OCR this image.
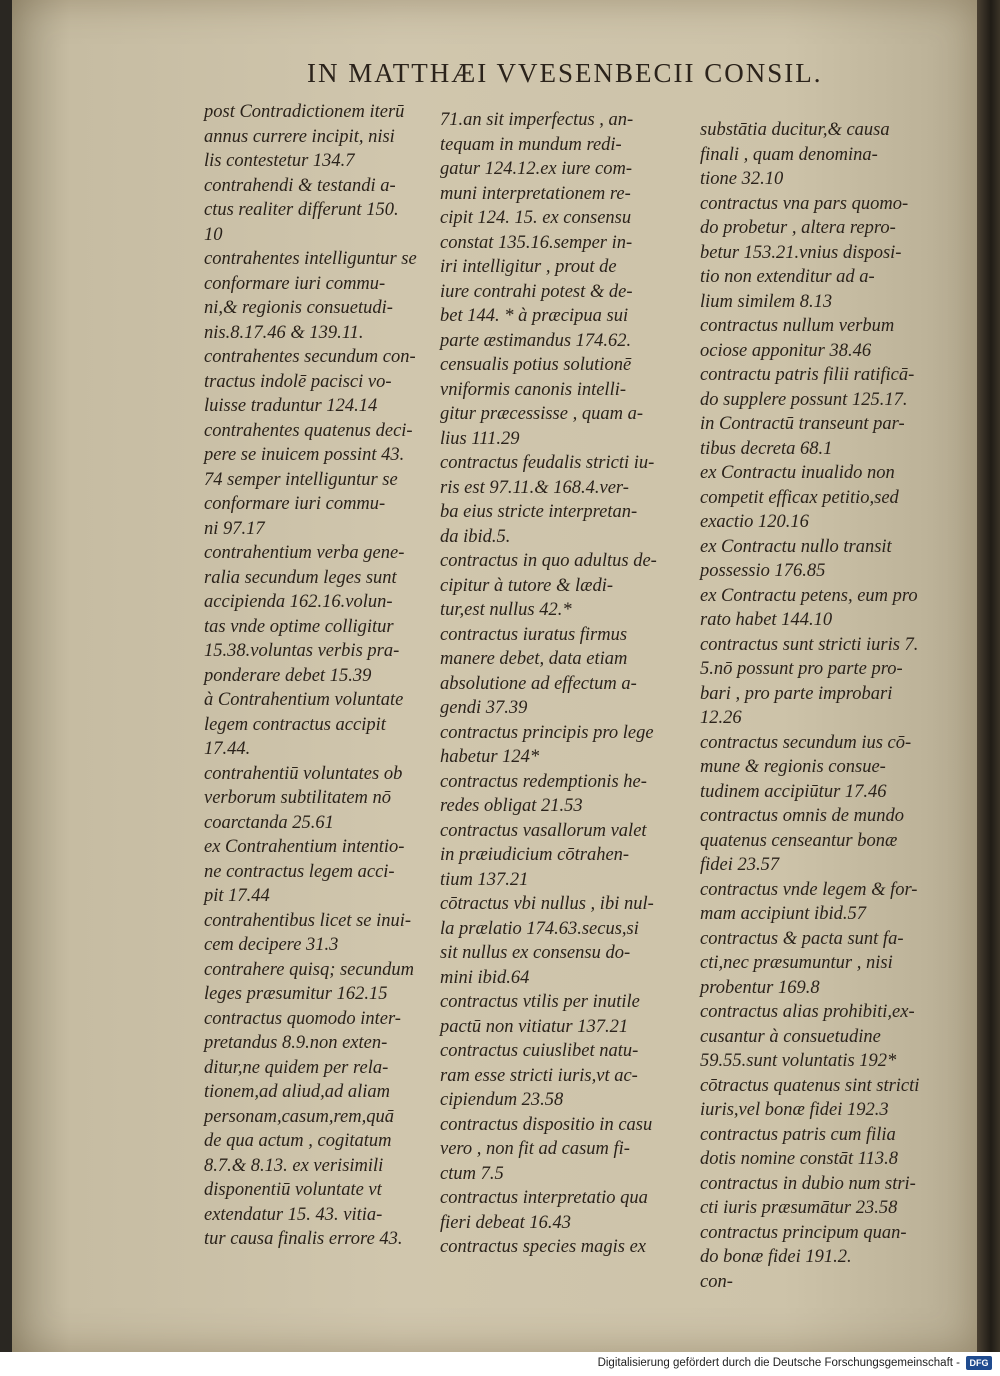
IN MATTHÆI VVESENBECII CONSIL.
post Contradictionem iterū
annus currere incipit, nisi
lis contestetur 134.7
contrahendi & testandi a-
ctus realiter differunt 150.
10
contrahentes intelliguntur se
conformare iuri commu-
ni,& regionis consuetudi-
nis.8.17.46 & 139.11.
contrahentes secundum con-
tractus indolē pacisci vo-
luisse traduntur 124.14
contrahentes quatenus deci-
pere se inuicem possint 43.
74 semper intelliguntur se
conformare iuri commu-
ni 97.17
contrahentium verba gene-
ralia secundum leges sunt
accipienda 162.16.volun-
tas vnde optime colligitur
15.38.voluntas verbis pra-
ponderare debet 15.39
à Contrahentium voluntate
legem contractus accipit
17.44.
contrahentiū voluntates ob
verborum subtilitatem nō
coarctanda 25.61
ex Contrahentium intentio-
ne contractus legem acci-
pit 17.44
contrahentibus licet se inui-
cem decipere 31.3
contrahere quisq; secundum
leges præsumitur 162.15
contractus quomodo inter-
pretandus 8.9.non exten-
ditur,ne quidem per rela-
tionem,ad aliud,ad aliam
personam,casum,rem,quā
de qua actum , cogitatum
8.7.& 8.13. ex verisimili
disponentiū voluntate vt
extendatur 15. 43. vitia-
tur causa finalis errore 43.
71.an sit imperfectus , an-
tequam in mundum redi-
gatur 124.12.ex iure com-
muni interpretationem re-
cipit 124. 15. ex consensu
constat 135.16.semper in-
iri intelligitur , prout de
iure contrahi potest & de-
bet 144. * à præcipua sui
parte æstimandus 174.62.
censualis potius solutionē
vniformis canonis intelli-
gitur præcessisse , quam a-
lius 111.29
contractus feudalis stricti iu-
ris est 97.11.& 168.4.ver-
ba eius stricte interpretan-
da ibid.5.
contractus in quo adultus de-
cipitur à tutore & lædi-
tur,est nullus 42.*
contractus iuratus firmus
manere debet, data etiam
absolutione ad effectum a-
gendi 37.39
contractus principis pro lege
habetur 124*
contractus redemptionis he-
redes obligat 21.53
contractus vasallorum valet
in præiudicium cōtrahen-
tium 137.21
cōtractus vbi nullus , ibi nul-
la prælatio 174.63.secus,si
sit nullus ex consensu do-
mini ibid.64
contractus vtilis per inutile
pactū non vitiatur 137.21
contractus cuiuslibet natu-
ram esse stricti iuris,vt ac-
cipiendum 23.58
contractus dispositio in casu
vero , non fit ad casum fi-
ctum 7.5
contractus interpretatio qua
fieri debeat 16.43
contractus species magis ex
substātia ducitur,& causa
finali , quam denomina-
tione 32.10
contractus vna pars quomo-
do probetur , altera repro-
betur 153.21.vnius disposi-
tio non extenditur ad a-
lium similem 8.13
contractus nullum verbum
ociose apponitur 38.46
contractu patris filii ratificā-
do supplere possunt 125.17.
in Contractū transeunt par-
tibus decreta 68.1
ex Contractu inualido non
competit efficax petitio,sed
exactio 120.16
ex Contractu nullo transit
possessio 176.85
ex Contractu petens, eum pro
rato habet 144.10
contractus sunt stricti iuris 7.
5.nō possunt pro parte pro-
bari , pro parte improbari
12.26
contractus secundum ius cō-
mune & regionis consue-
tudinem accipiūtur 17.46
contractus omnis de mundo
quatenus censeantur bonæ
fidei 23.57
contractus vnde legem & for-
mam accipiunt ibid.57
contractus & pacta sunt fa-
cti,nec præsumuntur , nisi
probentur 169.8
contractus alias prohibiti,ex-
cusantur à consuetudine
59.55.sunt voluntatis 192*
cōtractus quatenus sint stricti
iuris,vel bonæ fidei 192.3
contractus patris cum filia
dotis nomine constāt 113.8
contractus in dubio num stri-
cti iuris præsumātur 23.58
contractus principum quan-
do bonæ fidei 191.2.
con-
Digitalisierung gefördert durch die Deutsche Forschungsgemeinschaft -	DFG
